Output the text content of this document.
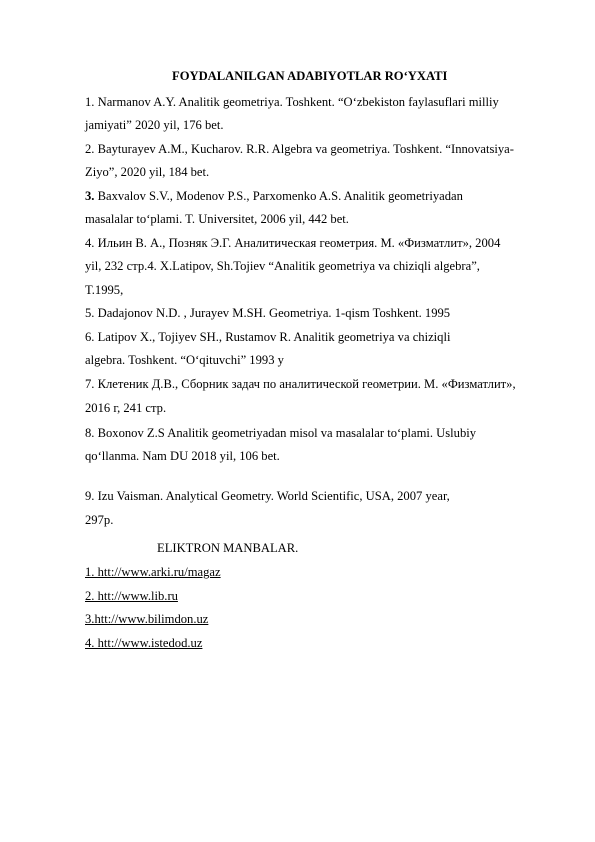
FOYDALANILGAN ADABIYOTLAR RO‘YXATI
1. Narmanov A.Y. Analitik geometriya. Toshkent. “O‘zbekiston faylasuflari milliy
jamiyati” 2020 yil, 176 bet.
2. Bayturayev A.M., Kucharov. R.R. Algebra va geometriya. Toshkent. “Innovatsiya-
Ziyo”, 2020 yil, 184 bet.
3. Baxvalov S.V., Modenov P.S., Parxomenko A.S. Analitik geometriyadan
masalalar to‘plami. T. Universitet, 2006 yil, 442 bet.
4. Ильин В. А., Позняк Э.Г. Аналитическая геометрия. М. «Физматлит», 2004
yil, 232 стр.4. X.Latipov, Sh.Tojiev “Analitik geometriya va chiziqli algebra”,
T.1995,
5. Dadajonov N.D. , Jurayev M.SH. Geometriya. 1-qism Toshkent. 1995
6. Latipov X., Tojiyev SH., Rustamov R. Analitik geometriya va chiziqli
algebra. Toshkent. “O‘qituvchi” 1993 y
7. Клетеник Д.В., Сборник задач по аналитической геометрии. М. «Физматлит»,
2016 г, 241 стр.
8. Boxonov Z.S Analitik geometriyadan misol va masalalar to‘plami. Uslubiy
qo‘llanma. Nam DU 2018 yil, 106 bet.
9. Izu Vaisman. Analytical Geometry. World Scientific, USA, 2007 year,
297p.
ELIKTRON MANBALAR.
1. htt://www.arki.ru/magaz
2. htt://www.lib.ru
3.htt://www.bilimdon.uz
4. htt://www.istedod.uz
